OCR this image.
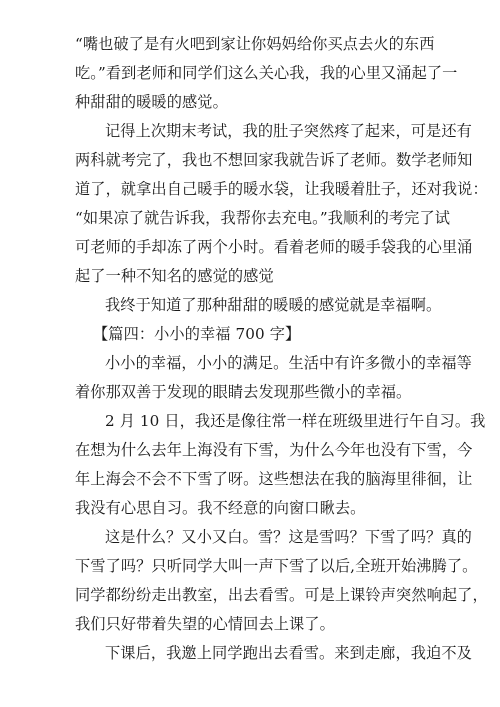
“嘴也破了是有火吧到家让你妈妈给你买点去火的东西
吃。”看到老师和同学们这么关心我，我的心里又涌起了一
种甜甜的暖暖的感觉。
记得上次期末考试，我的肚子突然疼了起来，可是还有
两科就考完了，我也不想回家我就告诉了老师。数学老师知
道了，就拿出自己暖手的暖水袋，让我暖着肚子，还对我说：
“如果凉了就告诉我，我帮你去充电。”我顺利的考完了试
可老师的手却冻了两个小时。看着老师的暖手袋我的心里涌
起了一种不知名的感觉的感觉
我终于知道了那种甜甜的暖暖的感觉就是幸福啊。
【篇四：小小的幸福 700 字】
小小的幸福，小小的满足。生活中有许多微小的幸福等
着你那双善于发现的眼睛去发现那些微小的幸福。
2 月 10 日，我还是像往常一样在班级里进行午自习。我
在想为什么去年上海没有下雪，为什么今年也没有下雪，今
年上海会不会不下雪了呀。这些想法在我的脑海里徘徊，让
我没有心思自习。我不经意的向窗口瞅去。
这是什么？又小又白。雪？这是雪吗？下雪了吗？真的
下雪了吗？只听同学大叫一声下雪了以后,全班开始沸腾了。
同学都纷纷走出教室，出去看雪。可是上课铃声突然响起了，
我们只好带着失望的心情回去上课了。
下课后，我邀上同学跑出去看雪。来到走廊，我迫不及
